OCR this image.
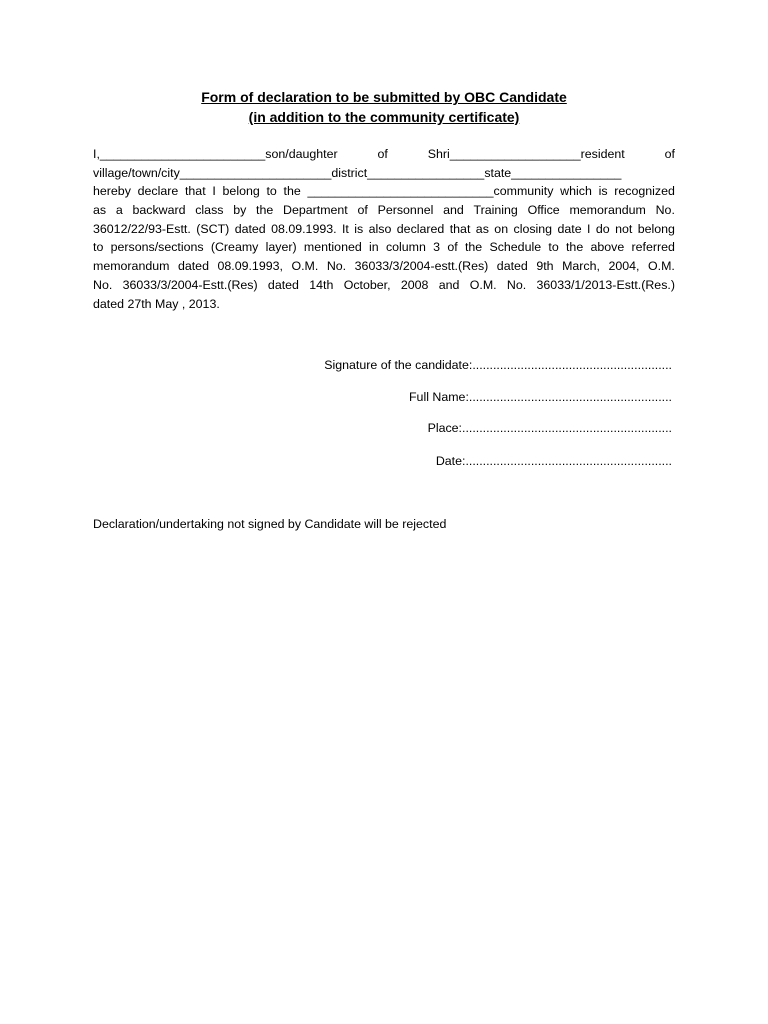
Form of declaration to be submitted by OBC Candidate
(in addition to the community certificate)
I,________________________son/daughter	of	Shri___________________resident	of
village/town/city______________________district_________________state________________
hereby declare that I belong to the ___________________________community which is recognized
as a backward class by the Department of Personnel and Training Office memorandum No.
36012/22/93-Estt. (SCT) dated 08.09.1993. It is also declared that as on closing date I do not belong
to persons/sections (Creamy layer) mentioned in column 3 of the Schedule to the above referred
memorandum dated 08.09.1993, O.M. No. 36033/3/2004-estt.(Res) dated 9th March, 2004, O.M.
No. 36033/3/2004-Estt.(Res) dated 14th October, 2008 and O.M. No. 36033/1/2013-Estt.(Res.)
dated 27th May , 2013.
Signature of the candidate:..........................................................
Full Name:...........................................................
Place:.............................................................
Date:............................................................
Declaration/undertaking not signed by Candidate will be rejected
